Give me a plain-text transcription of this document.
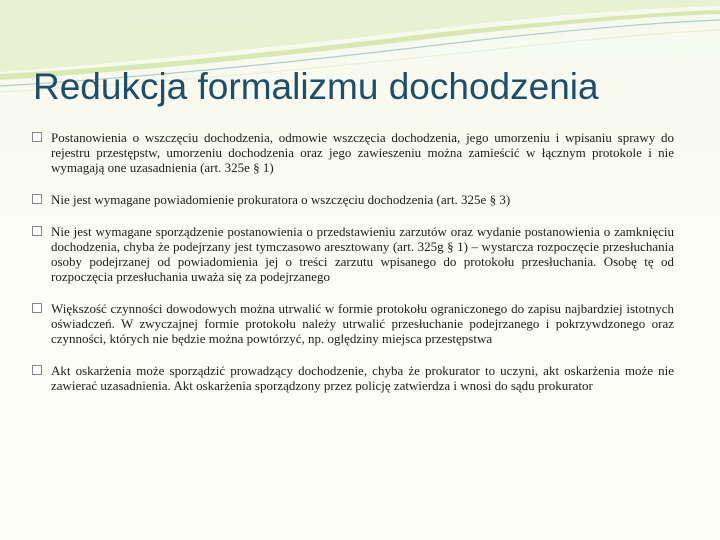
Redukcja formalizmu dochodzenia
Postanowienia o wszczęciu dochodzenia, odmowie wszczęcia dochodzenia, jego umorzeniu i wpisaniu sprawy do rejestru przestępstw, umorzeniu dochodzenia oraz jego zawieszeniu można zamieścić w łącznym protokole i nie wymagają one uzasadnienia (art. 325e § 1)
Nie jest wymagane powiadomienie prokuratora o wszczęciu dochodzenia (art. 325e § 3)
Nie jest wymagane sporządzenie postanowienia o przedstawieniu zarzutów oraz wydanie postanowienia o zamknięciu dochodzenia, chyba że podejrzany jest tymczasowo aresztowany (art. 325g § 1) – wystarcza rozpoczęcie przesłuchania osoby podejrzanej od powiadomienia jej o treści zarzutu wpisanego do protokołu przesłuchania. Osobę tę od rozpoczęcia przesłuchania uważa się za podejrzanego
Większość czynności dowodowych można utrwalić w formie protokołu ograniczonego do zapisu najbardziej istotnych oświadczeń. W zwyczajnej formie protokołu należy utrwalić przesłuchanie podejrzanego i pokrzywdzonego oraz czynności, których nie będzie można powtórzyć, np. oględziny miejsca przestępstwa
Akt oskarżenia może sporządzić prowadzący dochodzenie, chyba że prokurator to uczyni, akt oskarżenia może nie zawierać uzasadnienia. Akt oskarżenia sporządzony przez policję zatwierdza i wnosi do sądu prokurator
